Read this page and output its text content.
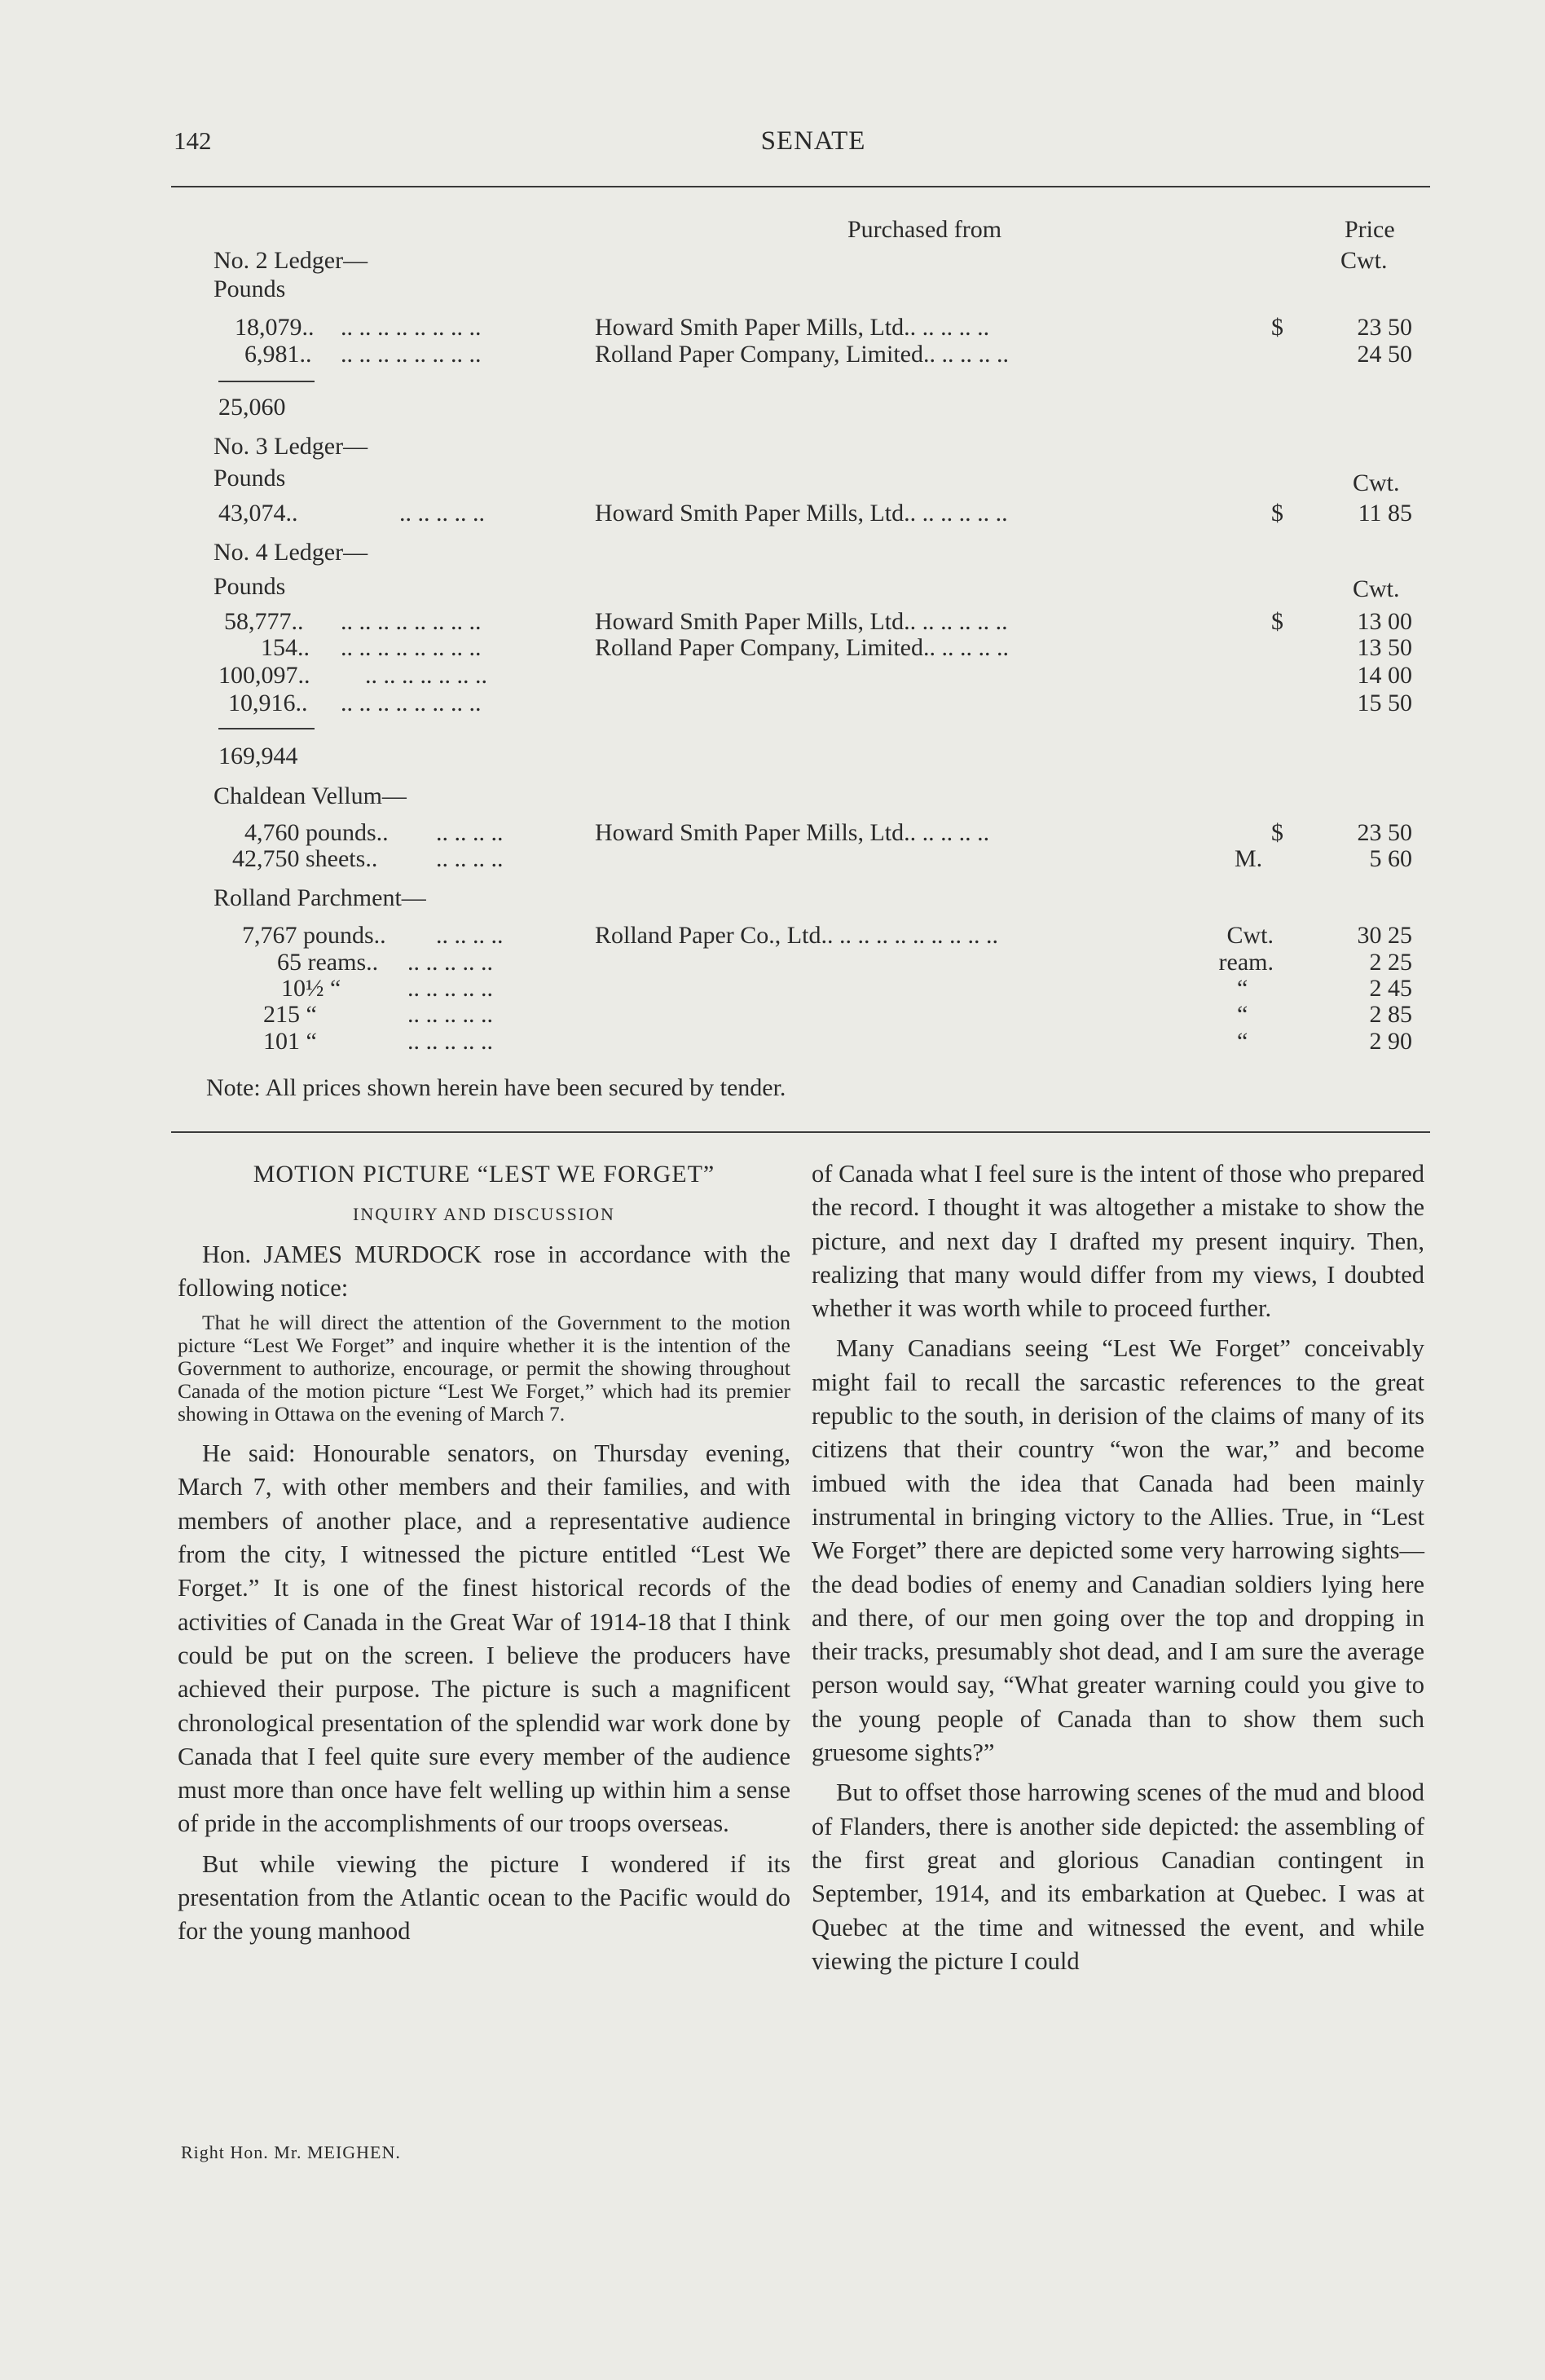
142	SENATE
Purchased from	Price
No. 2 Ledger—	Cwt.
Pounds
18,079.. .. .. .. .. .. .. .. ..	Howard Smith Paper Mills, Ltd.. .. .. .. ..	$	23 50
6,981.. .. .. .. .. .. .. .. ..	Rolland Paper Company, Limited.. .. .. .. ..	24 50
25,060
No. 3 Ledger—
Pounds	Cwt.
43,074..	.. .. .. .. ..	Howard Smith Paper Mills, Ltd.. .. .. .. .. ..	$	11 85
No. 4 Ledger—
Pounds	Cwt.
58,777.. .. .. .. .. .. .. .. ..	Howard Smith Paper Mills, Ltd.. .. .. .. .. ..	$	13 00
154.. .. .. .. .. .. .. .. ..	Rolland Paper Company, Limited.. .. .. .. ..	13 50
100,097.. .. .. .. .. .. .. ..	14 00
10,916.. .. .. .. .. .. .. .. ..	15 50
169,944
Chaldean Vellum—
4,760 pounds.. .. .. .. ..	Howard Smith Paper Mills, Ltd.. .. .. .. ..	$	23 50
42,750 sheets.. .. .. .. ..	M.	5 60
Rolland Parchment—
7,767 pounds.. .. .. .. ..	Rolland Paper Co., Ltd.. .. .. .. .. .. .. .. .. ..	Cwt.	30 25
65 reams.. .. .. .. .. ..	ream.	2 25
10½ “	.. .. .. .. ..	“	2 45
215 “	.. .. .. .. ..	“	2 85
101 “	.. .. .. .. ..	“	2 90
Note: All prices shown herein have been secured by tender.

MOTION PICTURE “LEST WE FORGET”

INQUIRY AND DISCUSSION

Hon. JAMES MURDOCK rose in accordance with the following notice:

That he will direct the attention of the Government to the motion picture “Lest We Forget” and inquire whether it is the intention of the Government to authorize, encourage, or permit the showing throughout Canada of the motion picture “Lest We Forget,” which had its premier showing in Ottawa on the evening of March 7.

He said: Honourable senators, on Thursday evening, March 7, with other members and their families, and with members of another place, and a representative audience from the city, I witnessed the picture entitled “Lest We Forget.” It is one of the finest historical records of the activities of Canada in the Great War of 1914-18 that I think could be put on the screen. I believe the producers have achieved their purpose. The picture is such a magnificent chronological presentation of the splendid war work done by Canada that I feel quite sure every member of the audience must more than once have felt welling up within him a sense of pride in the accomplishments of our troops overseas.

But while viewing the picture I wondered if its presentation from the Atlantic ocean to the Pacific would do for the young manhood

of Canada what I feel sure is the intent of those who prepared the record. I thought it was altogether a mistake to show the picture, and next day I drafted my present inquiry. Then, realizing that many would differ from my views, I doubted whether it was worth while to proceed further.

Many Canadians seeing “Lest We Forget” conceivably might fail to recall the sarcastic references to the great republic to the south, in derision of the claims of many of its citizens that their country “won the war,” and become imbued with the idea that Canada had been mainly instrumental in bringing victory to the Allies. True, in “Lest We Forget” there are depicted some very harrowing sights—the dead bodies of enemy and Canadian soldiers lying here and there, of our men going over the top and dropping in their tracks, presumably shot dead, and I am sure the average person would say, “What greater warning could you give to the young people of Canada than to show them such gruesome sights?”

But to offset those harrowing scenes of the mud and blood of Flanders, there is another side depicted: the assembling of the first great and glorious Canadian contingent in September, 1914, and its embarkation at Quebec. I was at Quebec at the time and witnessed the event, and while viewing the picture I could

Right Hon. Mr. MEIGHEN.
